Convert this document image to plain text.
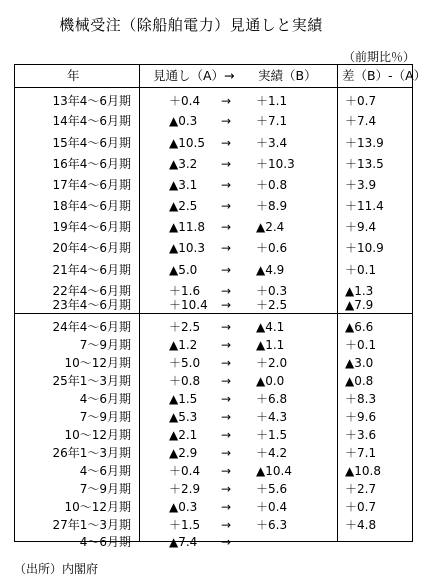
機械受注（除船舶電力）見通しと実績
（前期比％）
年	見通し（A） → 実績（B） 差（B）-（A）
13年4～6月期	＋0.4 → ＋1.1	＋0.7
14年4～6月期	▲0.3 → ＋7.1	＋7.4
15年4～6月期	▲10.5 → ＋3.4	＋13.9
16年4～6月期	▲3.2 → ＋10.3	＋13.5
17年4～6月期	▲3.1 → ＋0.8	＋3.9
18年4～6月期	▲2.5 → ＋8.9	＋11.4
19年4～6月期	▲11.8 → ▲2.4	＋9.4
20年4～6月期	▲10.3 → ＋0.6	＋10.9
21年4～6月期	▲5.0 → ▲4.9	＋0.1
22年4～6月期	＋1.6 → ＋0.3	▲1.3
23年4～6月期	＋10.4 → ＋2.5	▲7.9
24年4～6月期	＋2.5 → ▲4.1	▲6.6
7～9月期	▲1.2 → ▲1.1	＋0.1
10～12月期	＋5.0 → ＋2.0	▲3.0
25年1～3月期	＋0.8 → ▲0.0	▲0.8
4～6月期	▲1.5 → ＋6.8	＋8.3
7～9月期	▲5.3 → ＋4.3	＋9.6
10～12月期	▲2.1 → ＋1.5	＋3.6
26年1～3月期	▲2.9 → ＋4.2	＋7.1
4～6月期	＋0.4 → ▲10.4	▲10.8
7～9月期	＋2.9 → ＋5.6	＋2.7
10～12月期	▲0.3 → ＋0.4	＋0.7
27年1～3月期	＋1.5 → ＋6.3	＋4.8
4～6月期	▲7.4 →
（出所）内閣府
